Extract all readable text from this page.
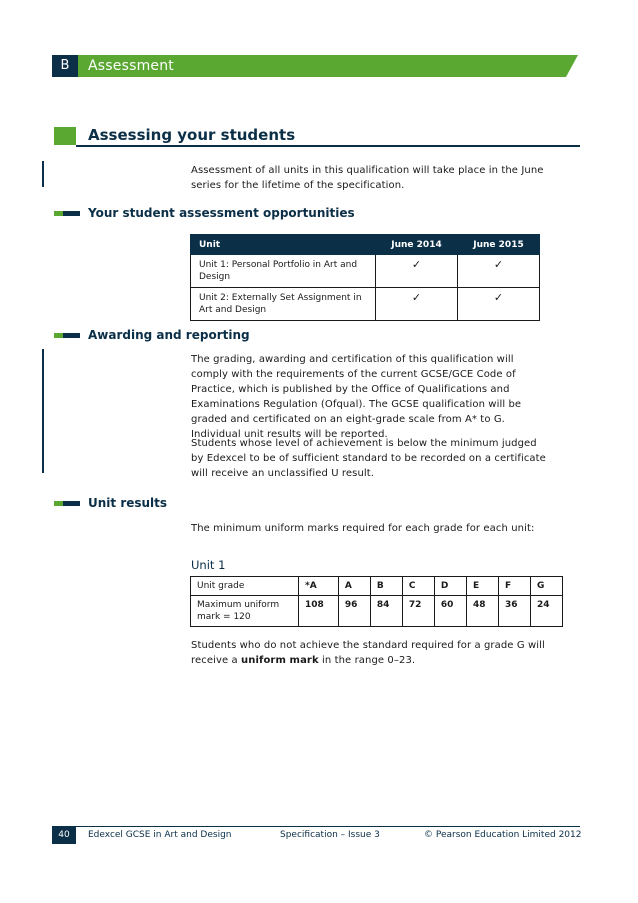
B	Assessment
Assessing your students
Assessment of all units in this qualification will take place in the June series for the lifetime of the specification.
Your student assessment opportunities
Unit	June 2014	June 2015
Unit 1: Personal Portfolio in Art and Design	✓	✓
Unit 2: Externally Set Assignment in Art and Design	✓	✓
Awarding and reporting
The grading, awarding and certification of this qualification will comply with the requirements of the current GCSE/GCE Code of Practice, which is published by the Office of Qualifications and Examinations Regulation (Ofqual). The GCSE qualification will be graded and certificated on an eight-grade scale from A* to G. Individual unit results will be reported.
Students whose level of achievement is below the minimum judged by Edexcel to be of sufficient standard to be recorded on a certificate will receive an unclassified U result.
Unit results
The minimum uniform marks required for each grade for each unit:
Unit 1
Unit grade	*A	A	B	C	D	E	F	G
Maximum uniform mark = 120	108	96	84	72	60	48	36	24
Students who do not achieve the standard required for a grade G will receive a uniform mark in the range 0–23.
40	Edexcel GCSE in Art and Design	Specification – Issue 3	© Pearson Education Limited 2012
